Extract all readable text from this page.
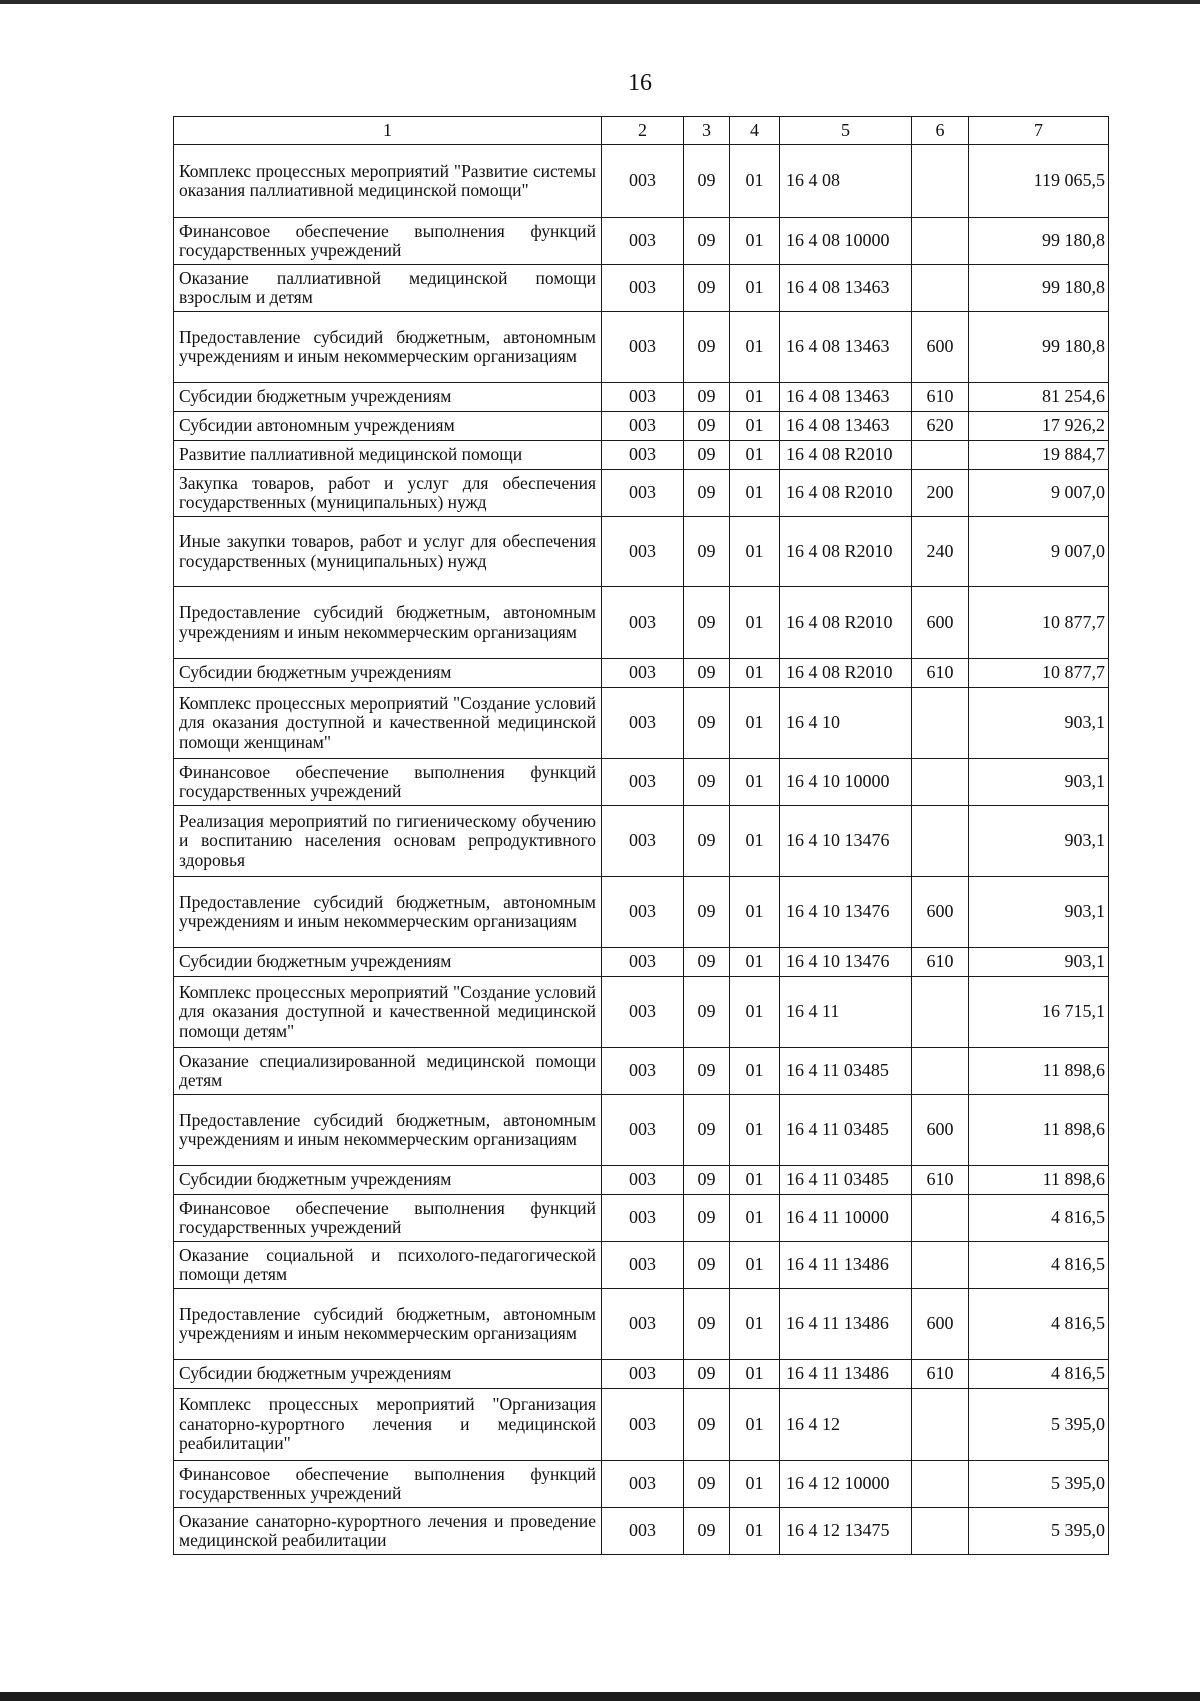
16
1	2	3	4	5	6	7
Комплекс процессных мероприятий "Развитие системы оказания паллиативной медицинской помощи"	003	09	01	16 4 08		119 065,5
Финансовое обеспечение выполнения функций государственных учреждений	003	09	01	16 4 08 10000		99 180,8
Оказание паллиативной медицинской помощи взрослым и детям	003	09	01	16 4 08 13463		99 180,8
Предоставление субсидий бюджетным, автономным учреждениям и иным некоммерческим организациям	003	09	01	16 4 08 13463	600	99 180,8
Субсидии бюджетным учреждениям	003	09	01	16 4 08 13463	610	81 254,6
Субсидии автономным учреждениям	003	09	01	16 4 08 13463	620	17 926,2
Развитие паллиативной медицинской помощи	003	09	01	16 4 08 R2010		19 884,7
Закупка товаров, работ и услуг для обеспечения государственных (муниципальных) нужд	003	09	01	16 4 08 R2010	200	9 007,0
Иные закупки товаров, работ и услуг для обеспечения государственных (муниципальных) нужд	003	09	01	16 4 08 R2010	240	9 007,0
Предоставление субсидий бюджетным, автономным учреждениям и иным некоммерческим организациям	003	09	01	16 4 08 R2010	600	10 877,7
Субсидии бюджетным учреждениям	003	09	01	16 4 08 R2010	610	10 877,7
Комплекс процессных мероприятий "Создание условий для оказания доступной и качественной медицинской помощи женщинам"	003	09	01	16 4 10		903,1
Финансовое обеспечение выполнения функций государственных учреждений	003	09	01	16 4 10 10000		903,1
Реализация мероприятий по гигиеническому обучению и воспитанию населения основам репродуктивного здоровья	003	09	01	16 4 10 13476		903,1
Предоставление субсидий бюджетным, автономным учреждениям и иным некоммерческим организациям	003	09	01	16 4 10 13476	600	903,1
Субсидии бюджетным учреждениям	003	09	01	16 4 10 13476	610	903,1
Комплекс процессных мероприятий "Создание условий для оказания доступной и качественной медицинской помощи детям"	003	09	01	16 4 11		16 715,1
Оказание специализированной медицинской помощи детям	003	09	01	16 4 11 03485		11 898,6
Предоставление субсидий бюджетным, автономным учреждениям и иным некоммерческим организациям	003	09	01	16 4 11 03485	600	11 898,6
Субсидии бюджетным учреждениям	003	09	01	16 4 11 03485	610	11 898,6
Финансовое обеспечение выполнения функций государственных учреждений	003	09	01	16 4 11 10000		4 816,5
Оказание социальной и психолого-педагогической помощи детям	003	09	01	16 4 11 13486		4 816,5
Предоставление субсидий бюджетным, автономным учреждениям и иным некоммерческим организациям	003	09	01	16 4 11 13486	600	4 816,5
Субсидии бюджетным учреждениям	003	09	01	16 4 11 13486	610	4 816,5
Комплекс процессных мероприятий "Организация санаторно-курортного лечения и медицинской реабилитации"	003	09	01	16 4 12		5 395,0
Финансовое обеспечение выполнения функций государственных учреждений	003	09	01	16 4 12 10000		5 395,0
Оказание санаторно-курортного лечения и проведение медицинской реабилитации	003	09	01	16 4 12 13475		5 395,0
